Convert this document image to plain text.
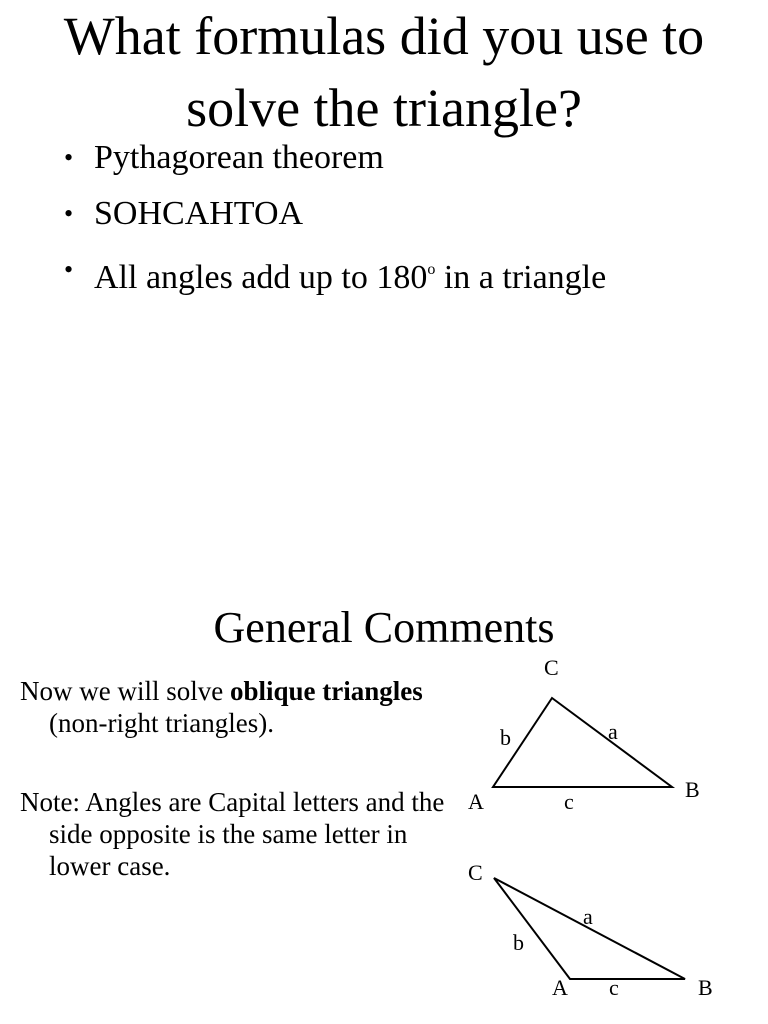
What formulas did you use to
solve the triangle?
• Pythagorean theorem
• SOHCAHTOA
• All angles add up to 180$^o$ in a triangle
General Comments
Now we will solve oblique triangles (non-right triangles).
Note: Angles are Capital letters and the side opposite is the same letter in lower case.
C
A	B
a
b
c
C
A	B
a
b
c
